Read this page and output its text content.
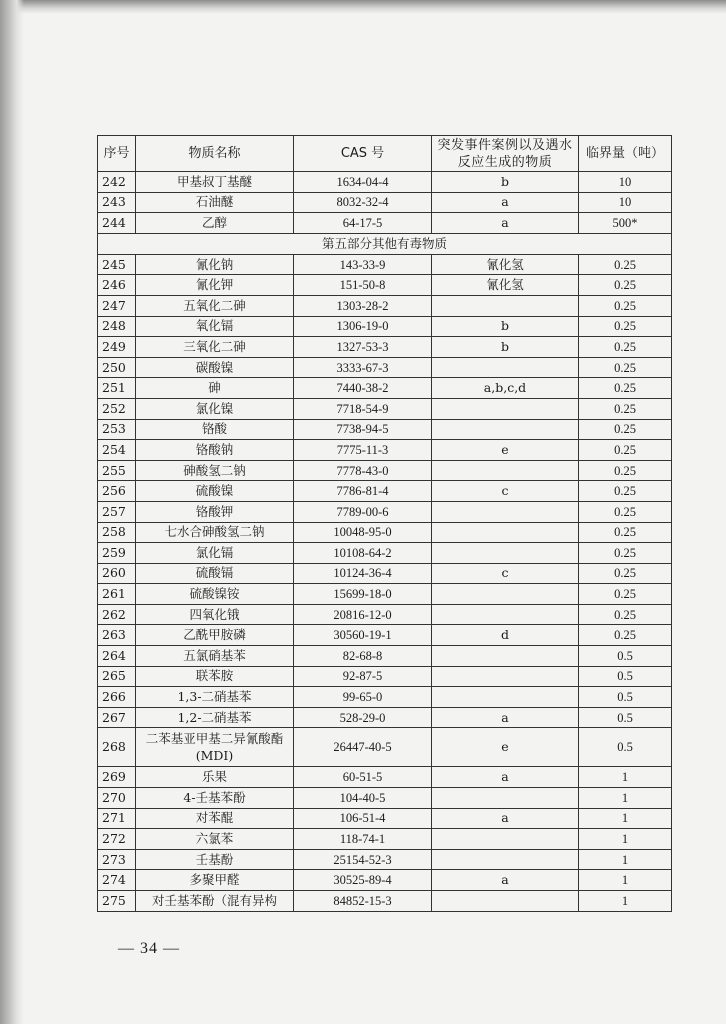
序号	物质名称	CAS 号	突发事件案例以及遇水反应生成的物质	临界量（吨）
242	甲基叔丁基醚	1634-04-4	b	10
243	石油醚	8032-32-4	a	10
244	乙醇	64-17-5	a	500*
第五部分其他有毒物质				
245	氰化钠	143-33-9	氰化氢	0.25
246	氰化钾	151-50-8	氰化氢	0.25
247	五氧化二砷	1303-28-2		0.25
248	氧化镉	1306-19-0	b	0.25
249	三氧化二砷	1327-53-3	b	0.25
250	碳酸镍	3333-67-3		0.25
251	砷	7440-38-2	a,b,c,d	0.25
252	氯化镍	7718-54-9		0.25
253	铬酸	7738-94-5		0.25
254	铬酸钠	7775-11-3	e	0.25
255	砷酸氢二钠	7778-43-0		0.25
256	硫酸镍	7786-81-4	c	0.25
257	铬酸钾	7789-00-6		0.25
258	七水合砷酸氢二钠	10048-95-0		0.25
259	氯化镉	10108-64-2		0.25
260	硫酸镉	10124-36-4	c	0.25
261	硫酸镍铵	15699-18-0		0.25
262	四氧化锇	20816-12-0		0.25
263	乙酰甲胺磷	30560-19-1	d	0.25
264	五氯硝基苯	82-68-8		0.5
265	联苯胺	92-87-5		0.5
266	1,3-二硝基苯	99-65-0		0.5
267	1,2-二硝基苯	528-29-0	a	0.5
268	二苯基亚甲基二异氰酸酯(MDI)	26447-40-5	e	0.5
269	乐果	60-51-5	a	1
270	4-壬基苯酚	104-40-5		1
271	对苯醌	106-51-4	a	1
272	六氯苯	118-74-1		1
273	壬基酚	25154-52-3		1
274	多聚甲醛	30525-89-4	a	1
275	对壬基苯酚（混有异构	84852-15-3		1
— 34 —
